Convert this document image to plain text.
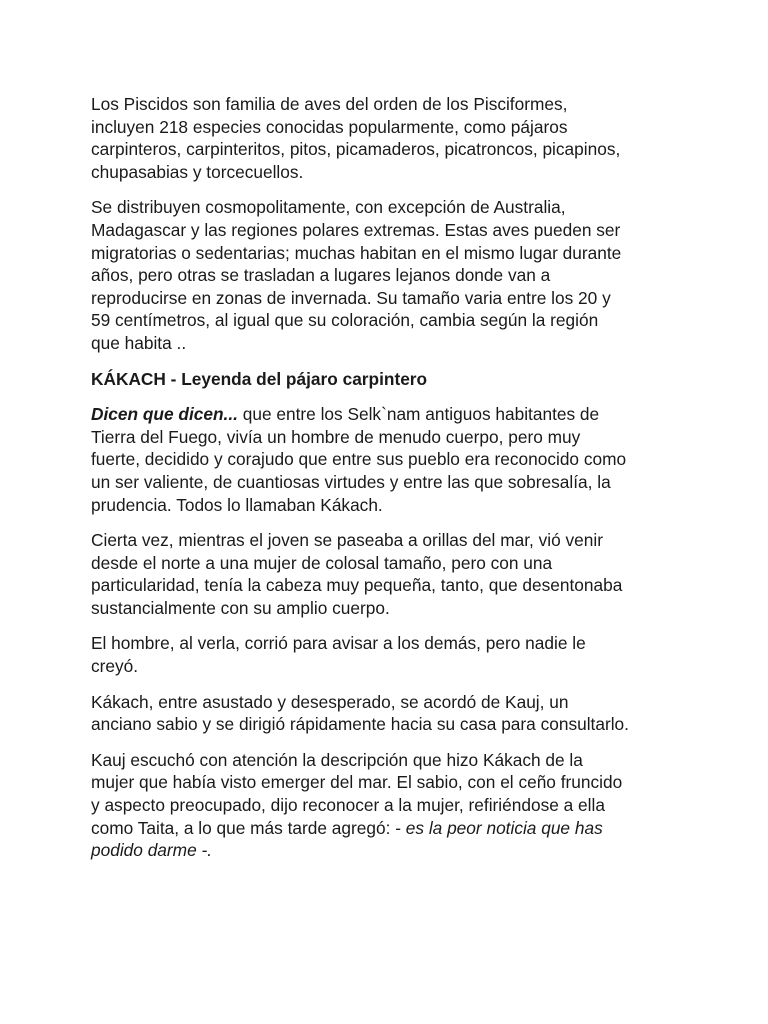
Los Piscidos son familia de aves del orden de los Pisciformes,
incluyen 218 especies conocidas popularmente, como pájaros
carpinteros, carpinteritos, pitos, picamaderos, picatroncos, picapinos,
chupasabias y torcecuellos.

Se distribuyen cosmopolitamente, con excepción de Australia,
Madagascar y las regiones polares extremas. Estas aves pueden ser
migratorias o sedentarias; muchas habitan en el mismo lugar durante
años, pero otras se trasladan a lugares lejanos donde van a
reproducirse en zonas de invernada. Su tamaño varia entre los 20 y
59 centímetros, al igual que su coloración, cambia según la región
que habita ..

KÁKACH - Leyenda del pájaro carpintero

Dicen que dicen... que entre los Selk`nam antiguos habitantes de
Tierra del Fuego, vivía un hombre de menudo cuerpo, pero muy
fuerte, decidido y corajudo que entre sus pueblo era reconocido como
un ser valiente, de cuantiosas virtudes y entre las que sobresalía, la
prudencia. Todos lo llamaban Kákach.

Cierta vez, mientras el joven se paseaba a orillas del mar, vió venir
desde el norte a una mujer de colosal tamaño, pero con una
particularidad, tenía la cabeza muy pequeña, tanto, que desentonaba
sustancialmente con su amplio cuerpo.

El hombre, al verla, corrió para avisar a los demás, pero nadie le
creyó.

Kákach, entre asustado y desesperado, se acordó de Kauj, un
anciano sabio y se dirigió rápidamente hacia su casa para consultarlo.

Kauj escuchó con atención la descripción que hizo Kákach de la
mujer que había visto emerger del mar. El sabio, con el ceño fruncido
y aspecto preocupado, dijo reconocer a la mujer, refiriéndose a ella
como Taita, a lo que más tarde agregó: - es la peor noticia que has
podido darme -.
